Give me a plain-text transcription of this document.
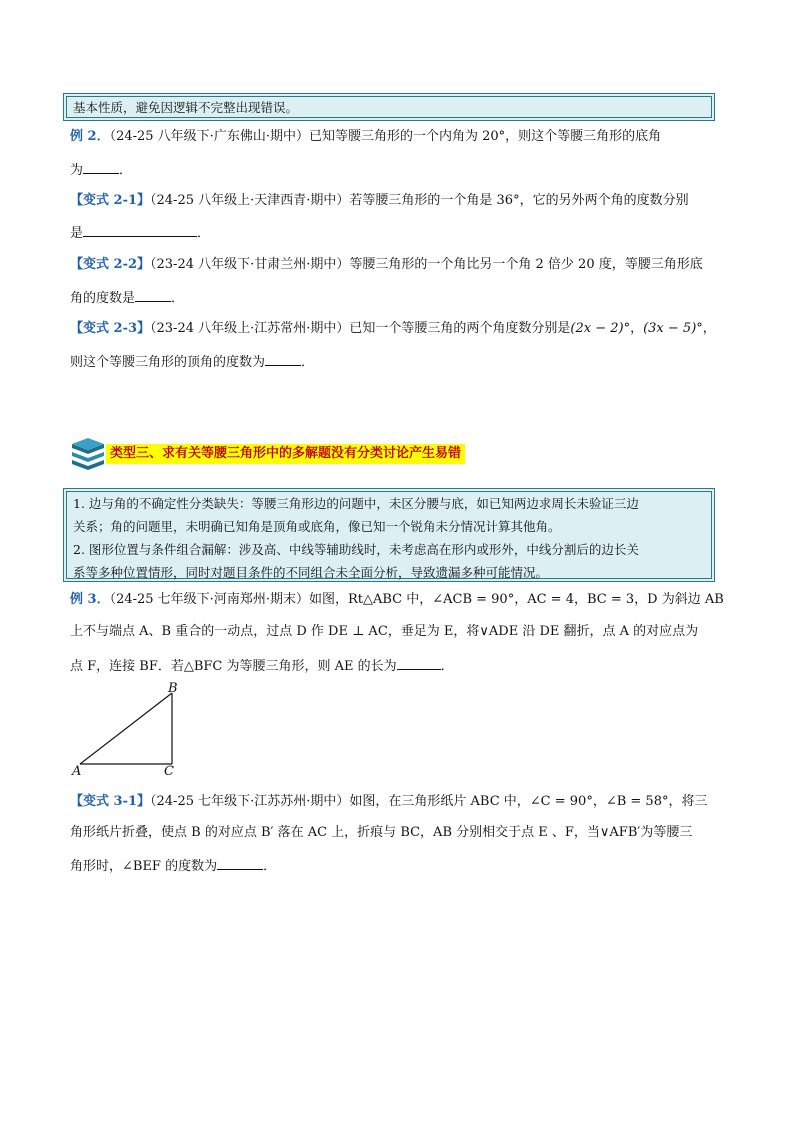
基本性质，避免因逻辑不完整出现错误。
例 2．（24-25 八年级下·广东佛山·期中）已知等腰三角形的一个内角为 20°，则这个等腰三角形的底角
为	．
【变式 2-1】（24-25 八年级上·天津西青·期中）若等腰三角形的一个角是 36°，它的另外两个角的度数分别
是	．
【变式 2-2】（23-24 八年级下·甘肃兰州·期中）等腰三角形的一个角比另一个角 2 倍少 20 度，等腰三角形底
角的度数是	．
【变式 2-3】（23-24 八年级上·江苏常州·期中）已知一个等腰三角的两个角度数分别是(2x − 2)°，(3x − 5)°，
则这个等腰三角形的顶角的度数为	．
类型三、求有关等腰三角形中的多解题没有分类讨论产生易错
1. 边与角的不确定性分类缺失：等腰三角形边的问题中，未区分腰与底，如已知两边求周长未验证三边
关系；角的问题里，未明确已知角是顶角或底角，像已知一个锐角未分情况计算其他角。
2. 图形位置与条件组合漏解：涉及高、中线等辅助线时，未考虑高在形内或形外，中线分割后的边长关
系等多种位置情形，同时对题目条件的不同组合未全面分析，导致遗漏多种可能情况。
例 3．（24-25 七年级下·河南郑州·期末）如图，Rt△ABC 中，∠ACB = 90°，AC = 4，BC = 3，D 为斜边 AB
上不与端点 A、B 重合的一动点，过点 D 作 DE ⊥ AC，垂足为 E，将∨ADE 沿 DE 翻折，点 A 的对应点为
点 F，连接 BF．若△BFC 为等腰三角形，则 AE 的长为	．
B
A	C
【变式 3-1】（24-25 七年级下·江苏苏州·期中）如图，在三角形纸片 ABC 中，∠C = 90°，∠B = 58°，将三
角形纸片折叠，使点 B 的对应点 B′ 落在 AC 上，折痕与 BC，AB 分别相交于点 E 、F，当∨AFB′为等腰三
角形时，∠BEF 的度数为	．
